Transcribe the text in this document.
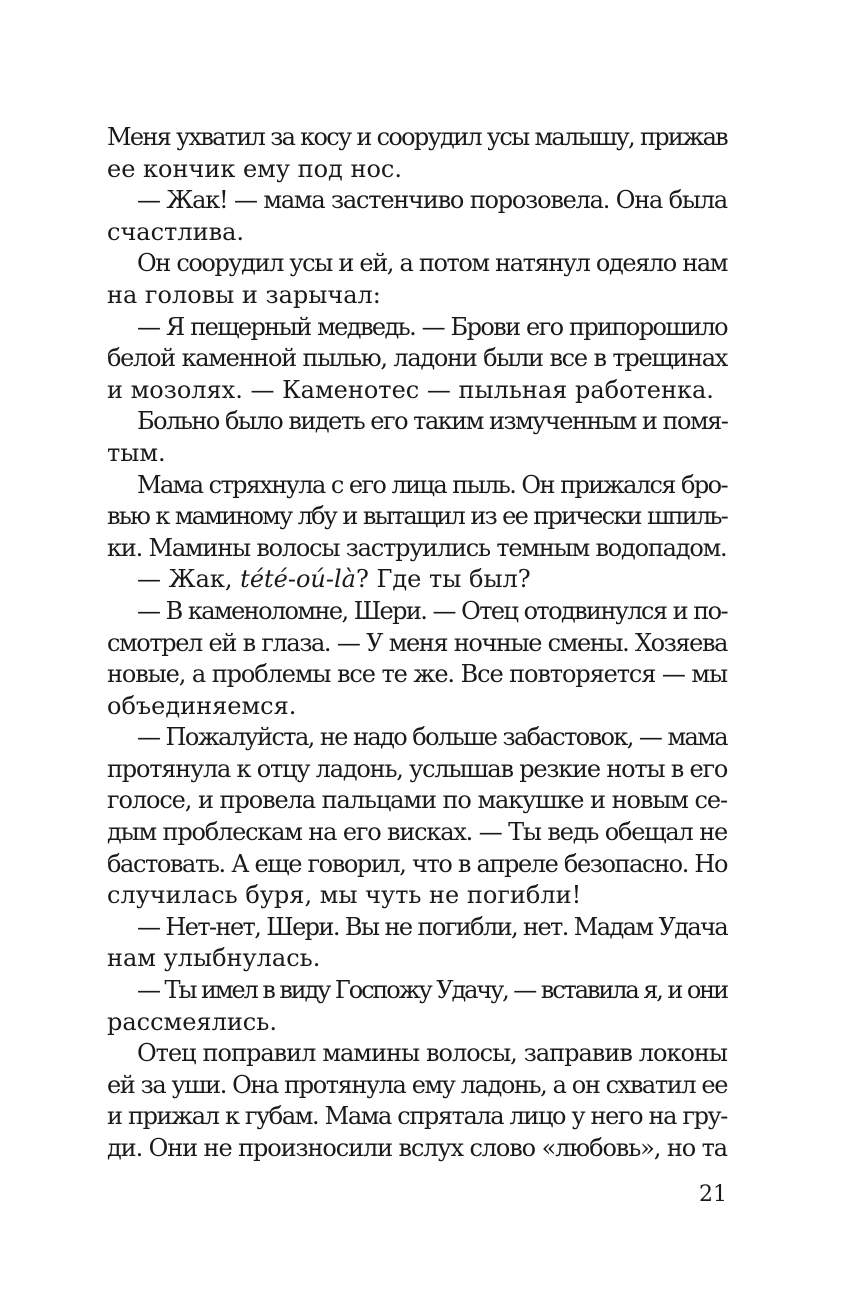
Меня ухватил за косу и соорудил усы малышу, прижав
ее кончик ему под нос.
— Жак! — мама застенчиво порозовела. Она была
счастлива.
Он соорудил усы и ей, а потом натянул одеяло нам
на головы и зарычал:
— Я пещерный медведь. — Брови его припорошило
белой каменной пылью, ладони были все в трещинах
и мозолях. — Каменотес — пыльная работенка.
Больно было видеть его таким измученным и помя-
тым.
Мама стряхнула с его лица пыль. Он прижался бро-
вью к маминому лбу и вытащил из ее прически шпиль-
ки. Мамины волосы заструились темным водопадом.
— Жак, tété-oú-là? Где ты был?
— В каменоломне, Шери. — Отец отодвинулся и по-
смотрел ей в глаза. — У меня ночные смены. Хозяева
новые, а проблемы все те же. Все повторяется — мы
объединяемся.
— Пожалуйста, не надо больше забастовок, — мама
протянула к отцу ладонь, услышав резкие ноты в его
голосе, и провела пальцами по макушке и новым се-
дым проблескам на его висках. — Ты ведь обещал не
бастовать. А еще говорил, что в апреле безопасно. Но
случилась буря, мы чуть не погибли!
— Нет-нет, Шери. Вы не погибли, нет. Мадам Удача
нам улыбнулась.
— Ты имел в виду Госпожу Удачу, — вставила я, и они
рассмеялись.
Отец поправил мамины волосы, заправив локоны
ей за уши. Она протянула ему ладонь, а он схватил ее
и прижал к губам. Мама спрятала лицо у него на гру-
ди. Они не произносили вслух слово «любовь», но та
21
